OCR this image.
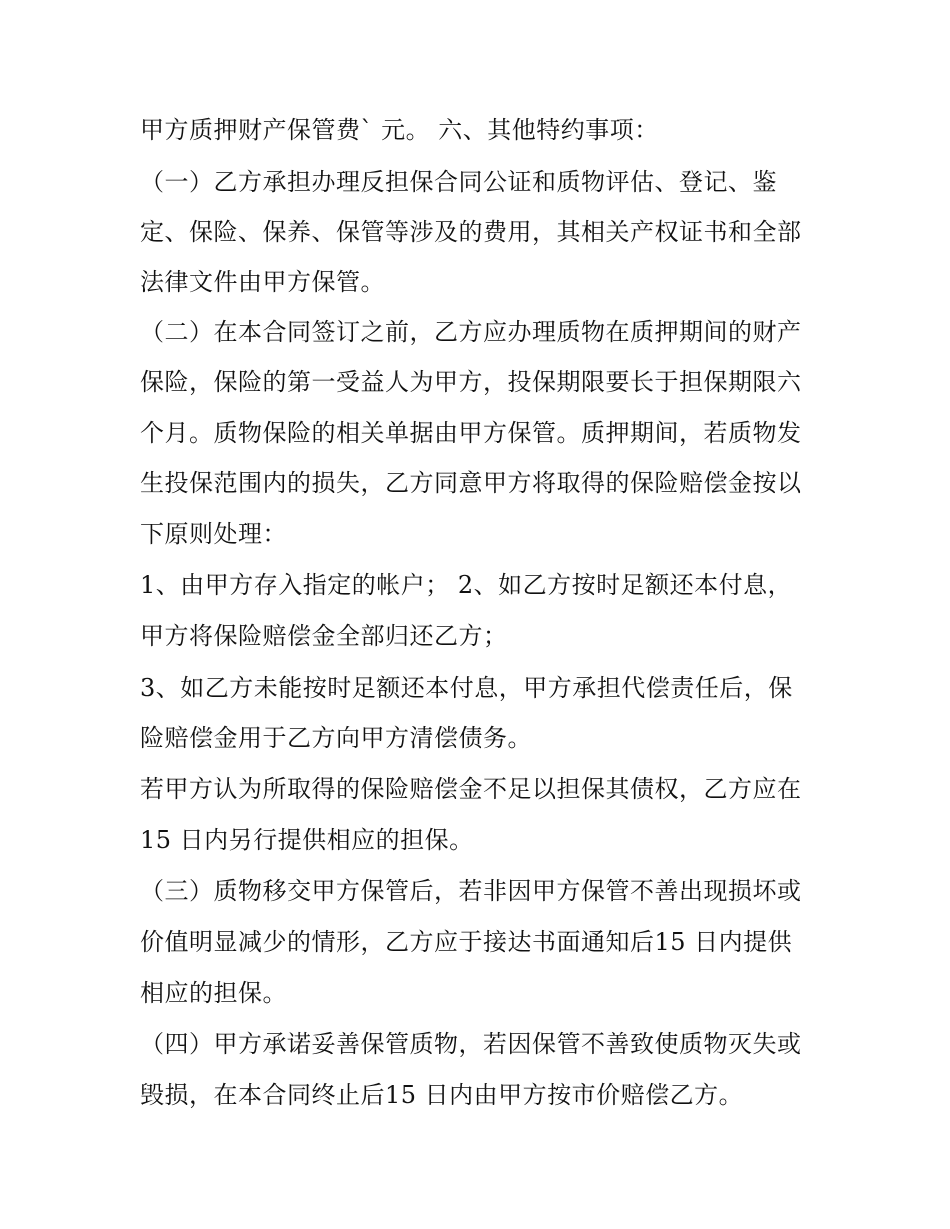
甲方质押财产保管费` 元。 六、其他特约事项：
（一）乙方承担办理反担保合同公证和质物评估、登记、鉴
定、保险、保养、保管等涉及的费用，其相关产权证书和全部
法律文件由甲方保管。
（二）在本合同签订之前，乙方应办理质物在质押期间的财产
保险，保险的第一受益人为甲方，投保期限要长于担保期限六
个月。质物保险的相关单据由甲方保管。质押期间，若质物发
生投保范围内的损失，乙方同意甲方将取得的保险赔偿金按以
下原则处理：
1、由甲方存入指定的帐户； 2、如乙方按时足额还本付息，
甲方将保险赔偿金全部归还乙方；
3、如乙方未能按时足额还本付息，甲方承担代偿责任后，保
险赔偿金用于乙方向甲方清偿债务。
若甲方认为所取得的保险赔偿金不足以担保其债权，乙方应在
15 日内另行提供相应的担保。
（三）质物移交甲方保管后，若非因甲方保管不善出现损坏或
价值明显减少的情形，乙方应于接达书面通知后15 日内提供
相应的担保。
（四）甲方承诺妥善保管质物，若因保管不善致使质物灭失或
毁损，在本合同终止后15 日内由甲方按市价赔偿乙方。
